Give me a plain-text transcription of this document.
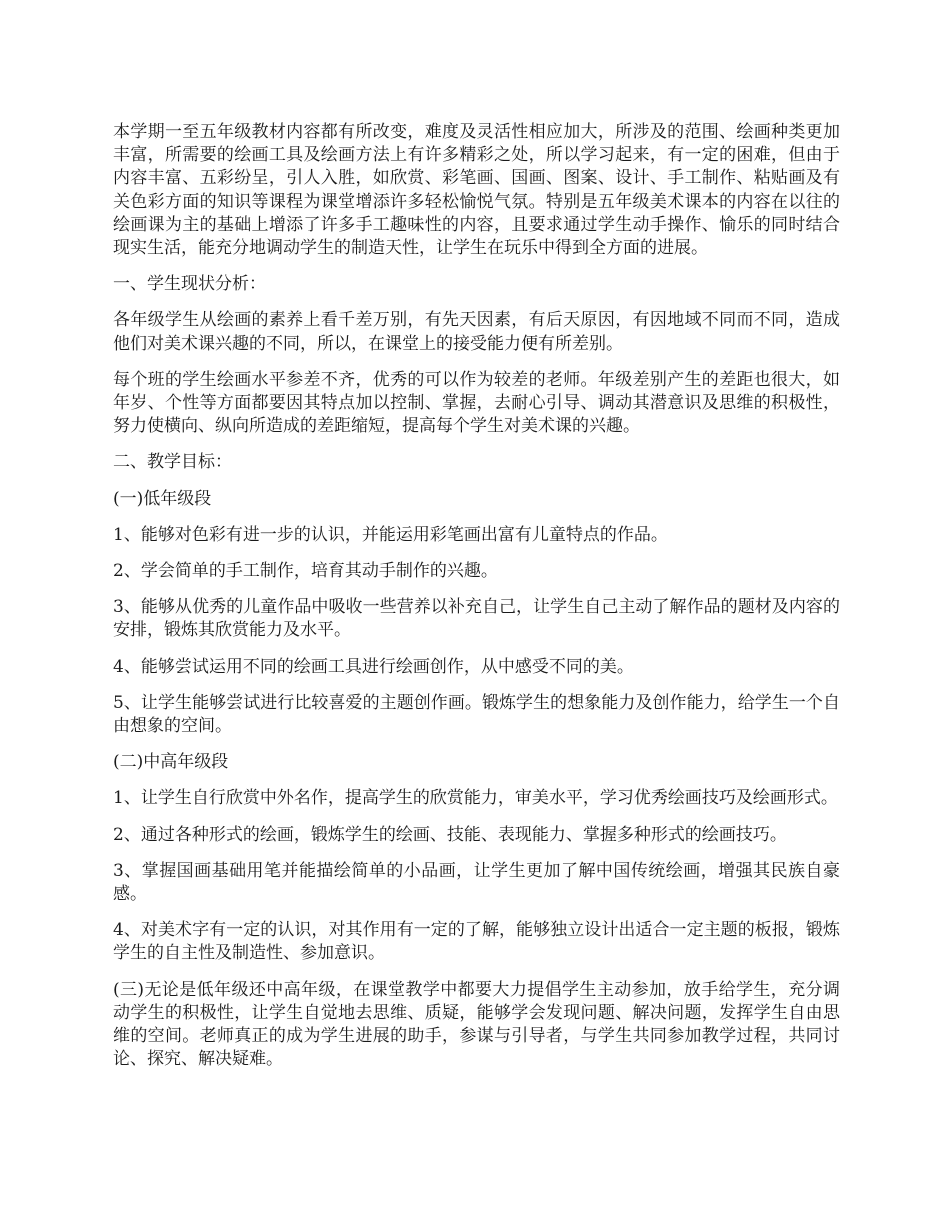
本学期一至五年级教材内容都有所改变，难度及灵活性相应加大，所涉及的范围、绘画种类更加丰富，所需要的绘画工具及绘画方法上有许多精彩之处，所以学习起来，有一定的困难，但由于内容丰富、五彩纷呈，引人入胜，如欣赏、彩笔画、国画、图案、设计、手工制作、粘贴画及有关色彩方面的知识等课程为课堂增添许多轻松愉悦气氛。特别是五年级美术课本的内容在以往的绘画课为主的基础上增添了许多手工趣味性的内容，且要求通过学生动手操作、愉乐的同时结合现实生活，能充分地调动学生的制造天性，让学生在玩乐中得到全方面的进展。

一、学生现状分析：

各年级学生从绘画的素养上看千差万别，有先天因素，有后天原因，有因地域不同而不同，造成他们对美术课兴趣的不同，所以，在课堂上的接受能力便有所差别。

每个班的学生绘画水平参差不齐，优秀的可以作为较差的老师。年级差别产生的差距也很大，如年岁、个性等方面都要因其特点加以控制、掌握，去耐心引导、调动其潜意识及思维的积极性，努力使横向、纵向所造成的差距缩短，提高每个学生对美术课的兴趣。

二、教学目标：

(一)低年级段

1、能够对色彩有进一步的认识，并能运用彩笔画出富有儿童特点的作品。

2、学会简单的手工制作，培育其动手制作的兴趣。

3、能够从优秀的儿童作品中吸收一些营养以补充自己，让学生自己主动了解作品的题材及内容的安排，锻炼其欣赏能力及水平。

4、能够尝试运用不同的绘画工具进行绘画创作，从中感受不同的美。

5、让学生能够尝试进行比较喜爱的主题创作画。锻炼学生的想象能力及创作能力，给学生一个自由想象的空间。

(二)中高年级段

1、让学生自行欣赏中外名作，提高学生的欣赏能力，审美水平，学习优秀绘画技巧及绘画形式。

2、通过各种形式的绘画，锻炼学生的绘画、技能、表现能力、掌握多种形式的绘画技巧。

3、掌握国画基础用笔并能描绘简单的小品画，让学生更加了解中国传统绘画，增强其民族自豪感。

4、对美术字有一定的认识，对其作用有一定的了解，能够独立设计出适合一定主题的板报，锻炼学生的自主性及制造性、参加意识。

(三)无论是低年级还中高年级，在课堂教学中都要大力提倡学生主动参加，放手给学生，充分调动学生的积极性，让学生自觉地去思维、质疑，能够学会发现问题、解决问题，发挥学生自由思维的空间。老师真正的成为学生进展的助手，参谋与引导者，与学生共同参加教学过程，共同讨论、探究、解决疑难。
